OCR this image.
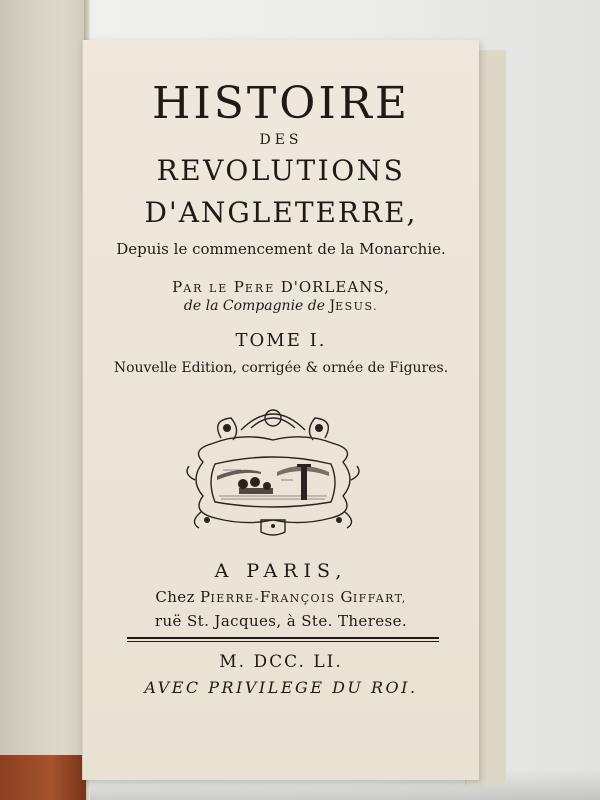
HISTOIRE
DES
REVOLUTIONS
D'ANGLETERRE,
Depuis le commencement de la Monarchie.
PAR LE PERE D'ORLEANS,
de la Compagnie de JESUS.
TOME I.
Nouvelle Edition, corrigée & ornée de Figures.
A PARIS,
Chez PIERRE-FRANÇOIS GIFFART,
ruë St. Jacques, à Ste. Therese.
M. DCC. LI.
AVEC PRIVILEGE DU ROI.
